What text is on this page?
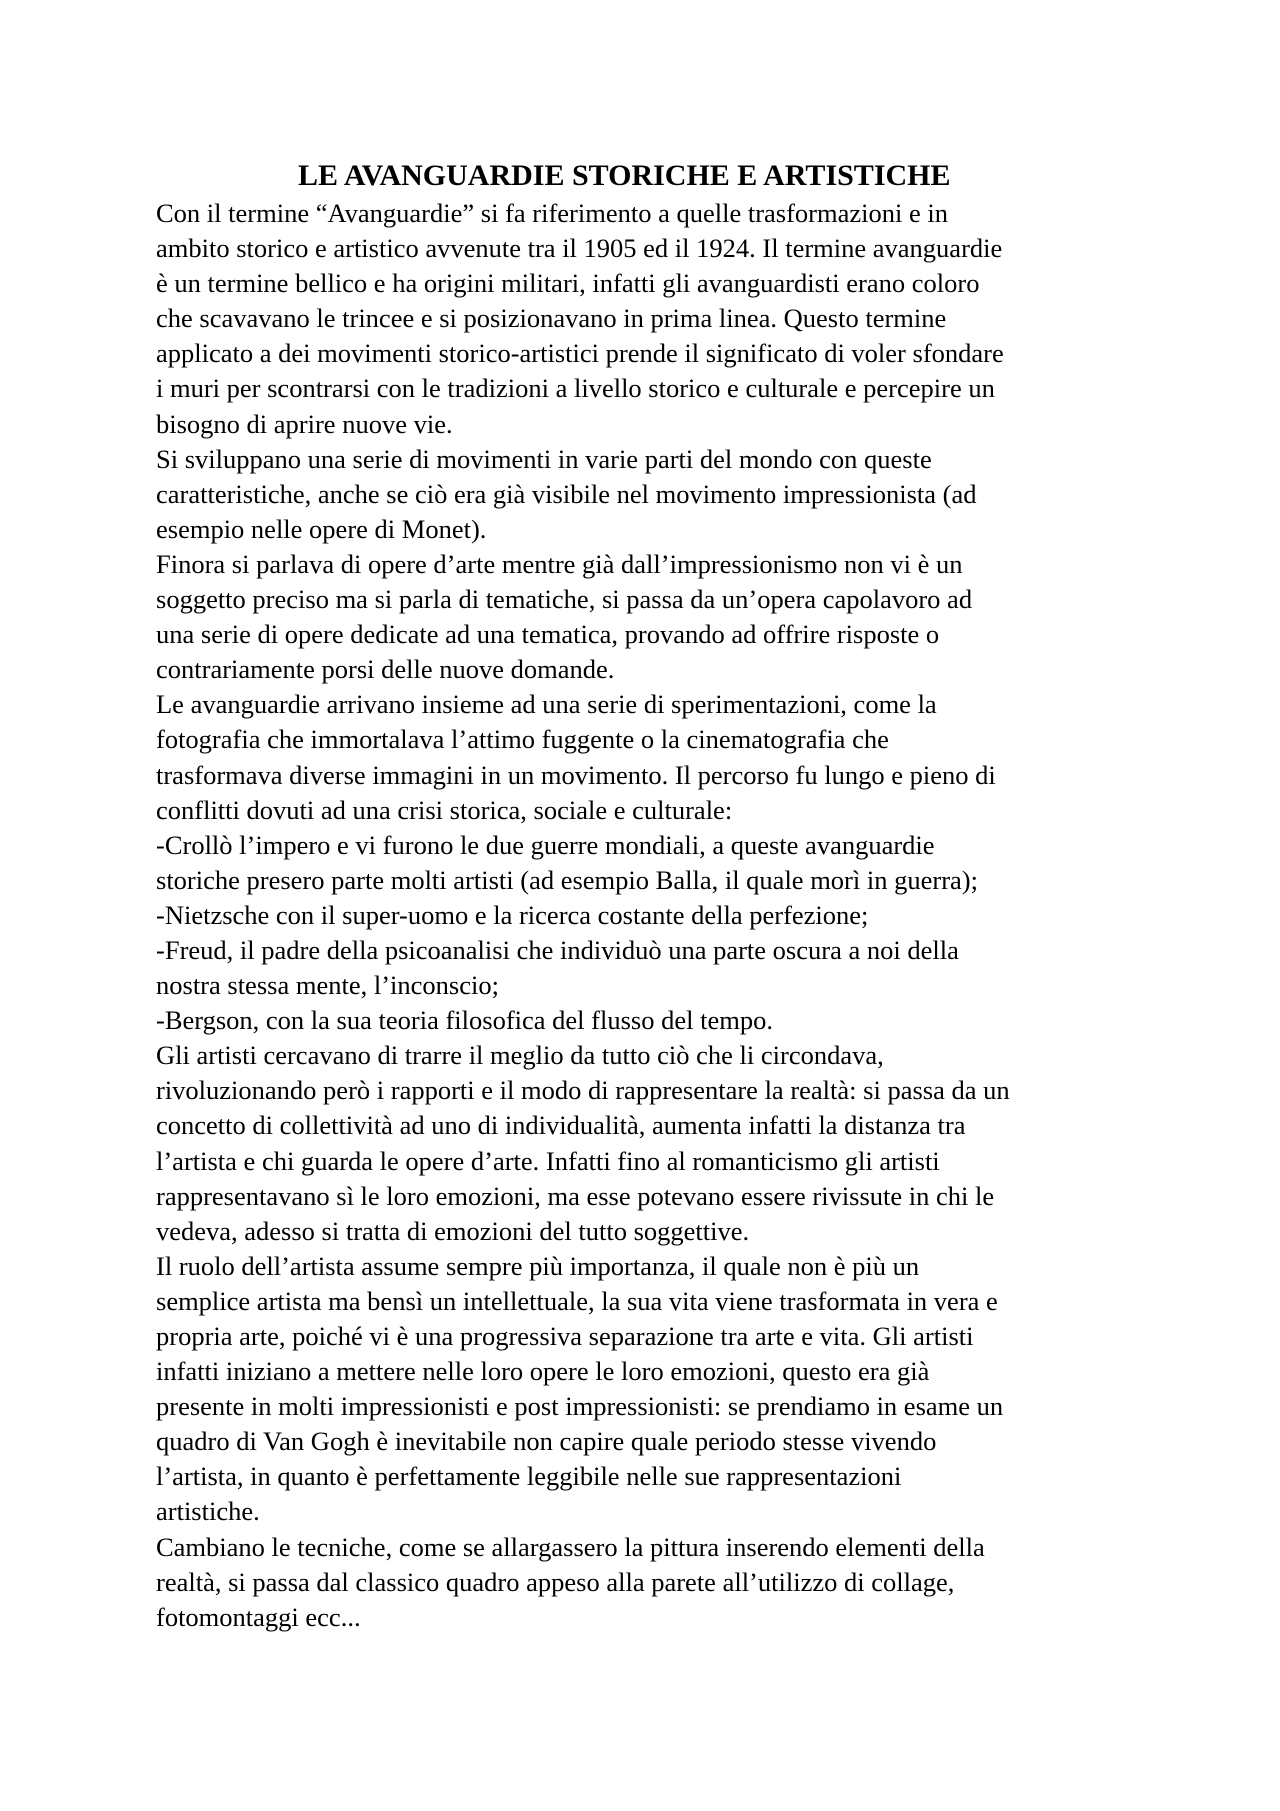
LE AVANGUARDIE STORICHE E ARTISTICHE

Con il termine “Avanguardie” si fa riferimento a quelle trasformazioni e in
ambito storico e artistico avvenute tra il 1905 ed il 1924. Il termine avanguardie
è un termine bellico e ha origini militari, infatti gli avanguardisti erano coloro
che scavavano le trincee e si posizionavano in prima linea. Questo termine
applicato a dei movimenti storico-artistici prende il significato di voler sfondare
i muri per scontrarsi con le tradizioni a livello storico e culturale e percepire un
bisogno di aprire nuove vie.

Si sviluppano una serie di movimenti in varie parti del mondo con queste
caratteristiche, anche se ciò era già visibile nel movimento impressionista (ad
esempio nelle opere di Monet).

Finora si parlava di opere d’arte mentre già dall’impressionismo non vi è un
soggetto preciso ma si parla di tematiche, si passa da un’opera capolavoro ad
una serie di opere dedicate ad una tematica, provando ad offrire risposte o
contrariamente porsi delle nuove domande.

Le avanguardie arrivano insieme ad una serie di sperimentazioni, come la
fotografia che immortalava l’attimo fuggente o la cinematografia che
trasformava diverse immagini in un movimento. Il percorso fu lungo e pieno di
conflitti dovuti ad una crisi storica, sociale e culturale:

-Crollò l’impero e vi furono le due guerre mondiali, a queste avanguardie
storiche presero parte molti artisti (ad esempio Balla, il quale morì in guerra);

-Nietzsche con il super-uomo e la ricerca costante della perfezione;

-Freud, il padre della psicoanalisi che individuò una parte oscura a noi della
nostra stessa mente, l’inconscio;

-Bergson, con la sua teoria filosofica del flusso del tempo.

Gli artisti cercavano di trarre il meglio da tutto ciò che li circondava,
rivoluzionando però i rapporti e il modo di rappresentare la realtà: si passa da un
concetto di collettività ad uno di individualità, aumenta infatti la distanza tra
l’artista e chi guarda le opere d’arte. Infatti fino al romanticismo gli artisti
rappresentavano sì le loro emozioni, ma esse potevano essere rivissute in chi le
vedeva, adesso si tratta di emozioni del tutto soggettive.

Il ruolo dell’artista assume sempre più importanza, il quale non è più un
semplice artista ma bensì un intellettuale, la sua vita viene trasformata in vera e
propria arte, poiché vi è una progressiva separazione tra arte e vita. Gli artisti
infatti iniziano a mettere nelle loro opere le loro emozioni, questo era già
presente in molti impressionisti e post impressionisti: se prendiamo in esame un
quadro di Van Gogh è inevitabile non capire quale periodo stesse vivendo
l’artista, in quanto è perfettamente leggibile nelle sue rappresentazioni
artistiche.

Cambiano le tecniche, come se allargassero la pittura inserendo elementi della
realtà, si passa dal classico quadro appeso alla parete all’utilizzo di collage,
fotomontaggi ecc...
